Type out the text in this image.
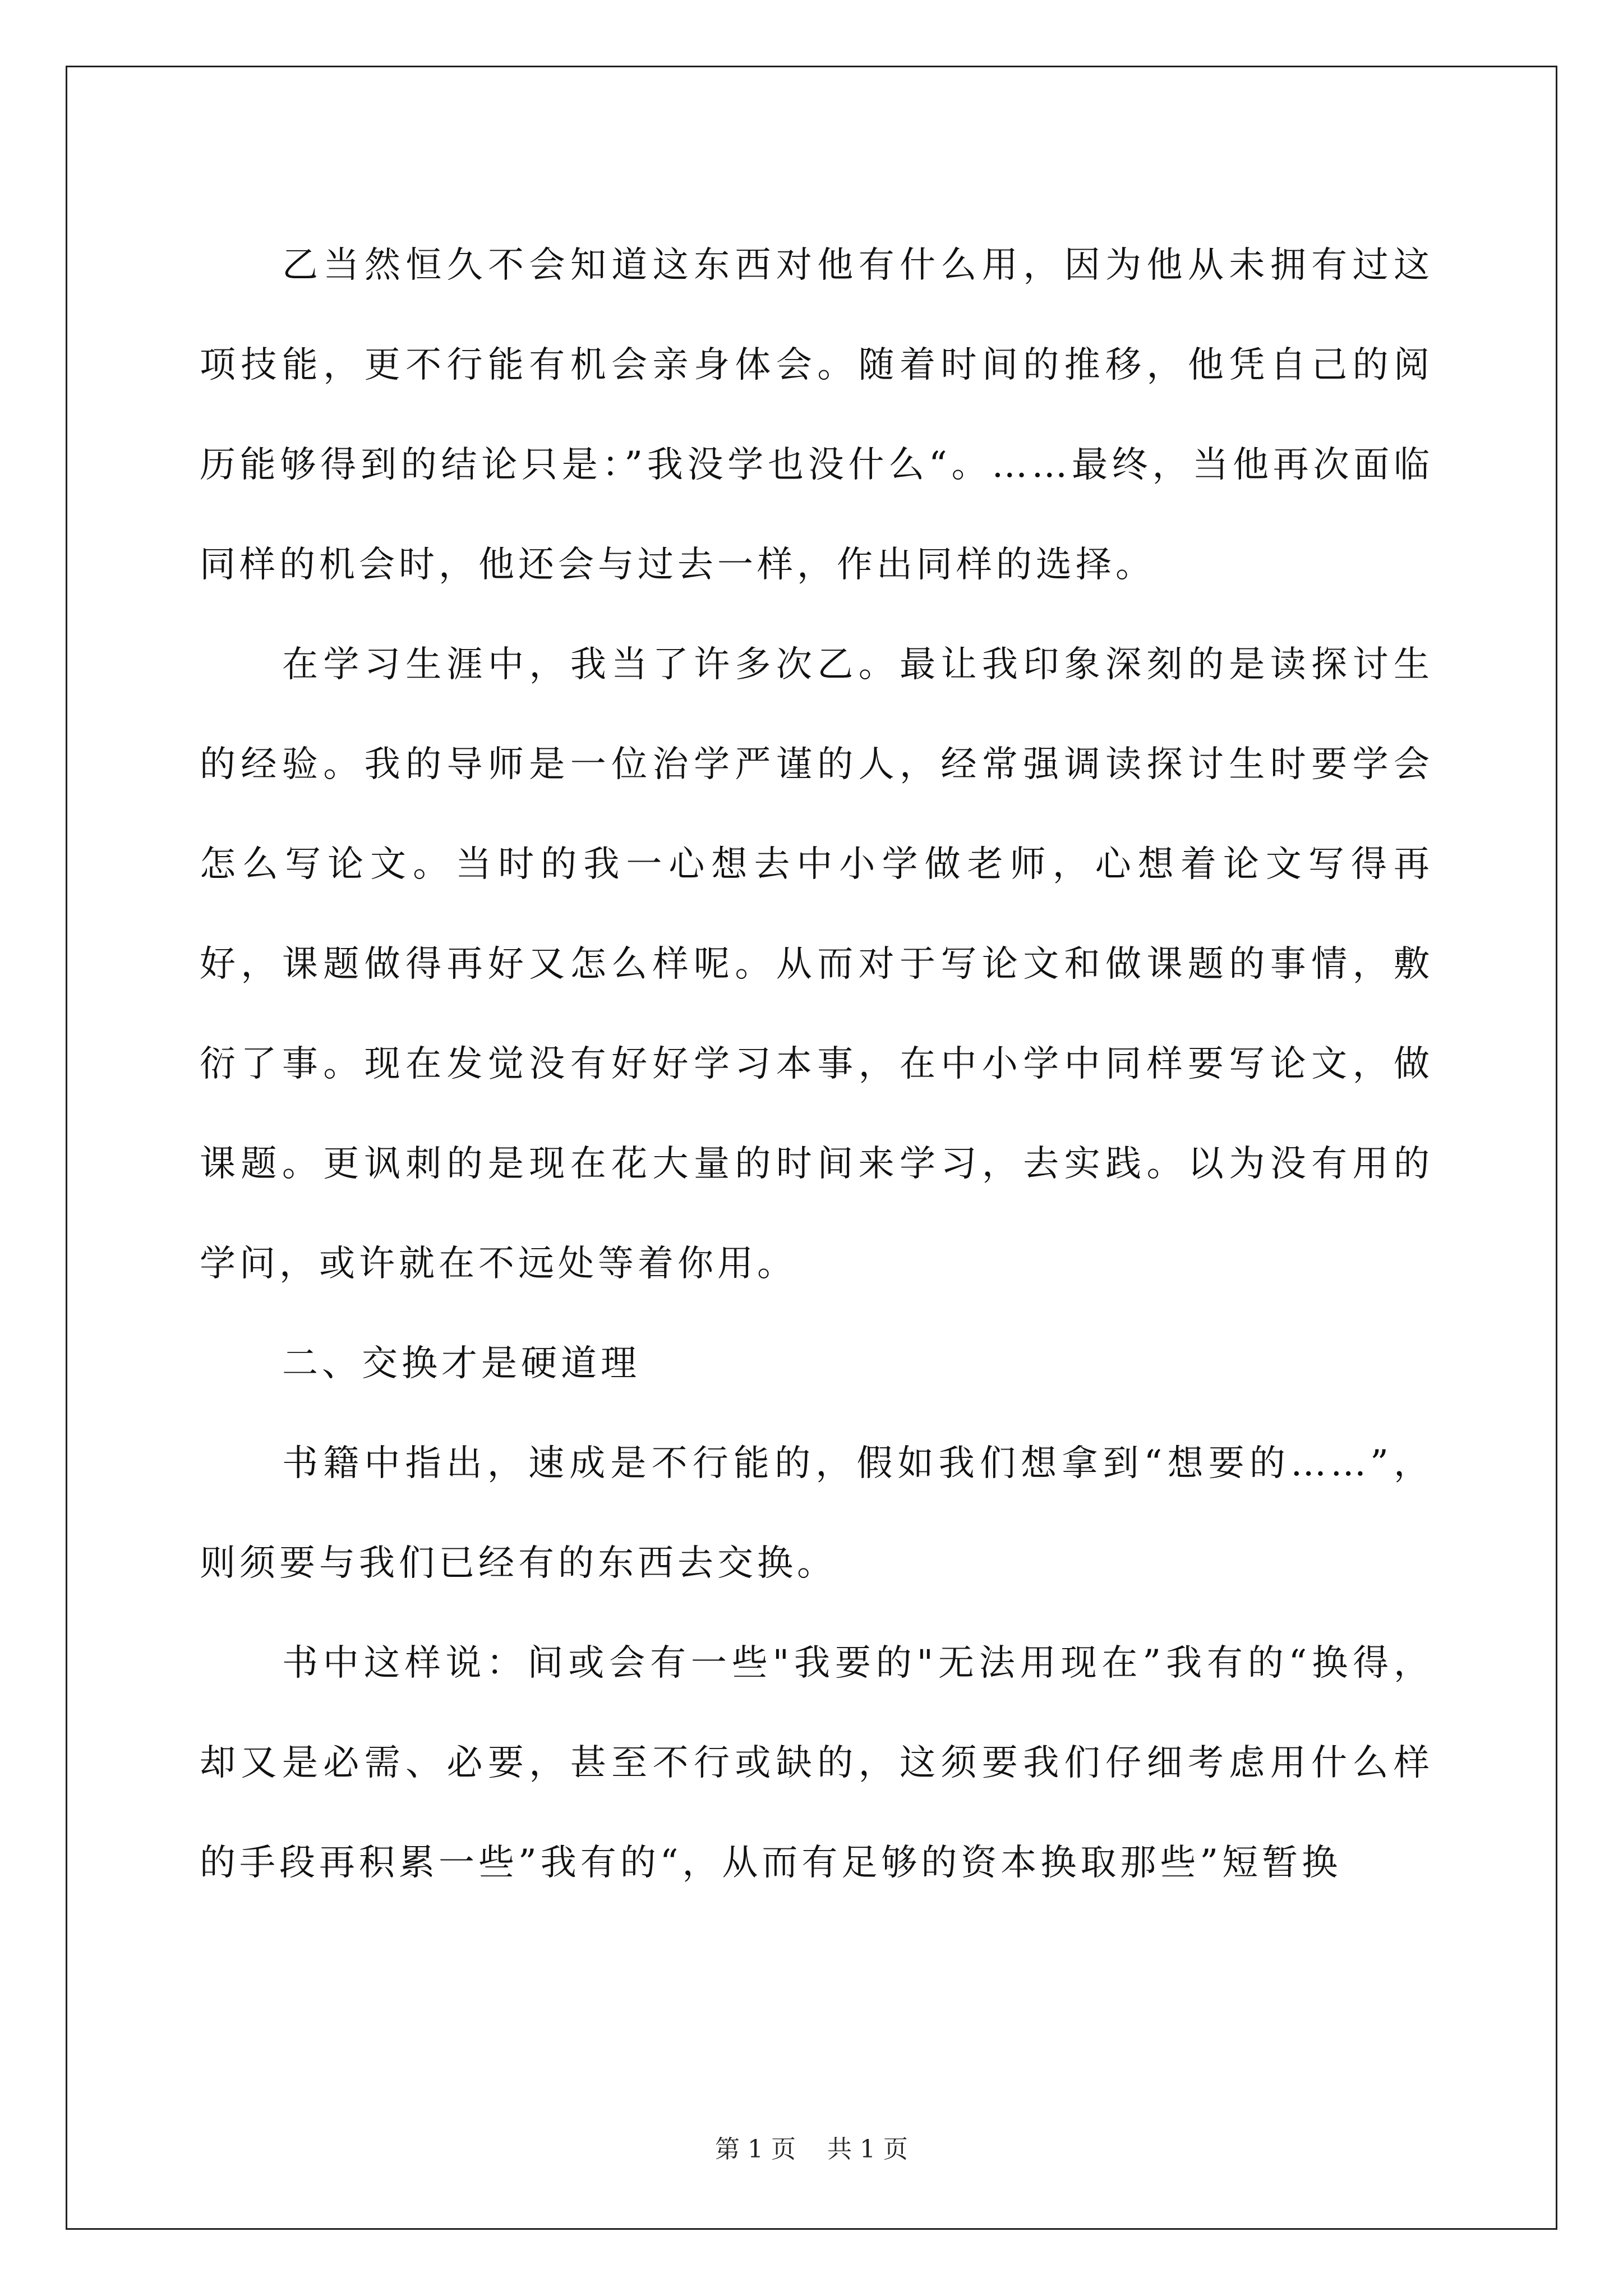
乙当然恒久不会知道这东西对他有什么用，因为他从未拥有过这项技能，更不行能有机会亲身体会。随着时间的推移，他凭自己的阅历能够得到的结论只是：”我没学也没什么“。……最终，当他再次面临同样的机会时，他还会与过去一样，作出同样的选择。

在学习生涯中，我当了许多次乙。最让我印象深刻的是读探讨生的经验。我的导师是一位治学严谨的人，经常强调读探讨生时要学会怎么写论文。当时的我一心想去中小学做老师，心想着论文写得再好，课题做得再好又怎么样呢。从而对于写论文和做课题的事情，敷衍了事。现在发觉没有好好学习本事，在中小学中同样要写论文，做课题。更讽刺的是现在花大量的时间来学习，去实践。以为没有用的学问，或许就在不远处等着你用。

二、交换才是硬道理

书籍中指出，速成是不行能的，假如我们想拿到“想要的……”，则须要与我们已经有的东西去交换。

书中这样说：间或会有一些"我要的"无法用现在”我有的“换得，却又是必需、必要，甚至不行或缺的，这须要我们仔细考虑用什么样的手段再积累一些”我有的“，从而有足够的资本换取那些”短暂换

第 1 页    共 1 页
